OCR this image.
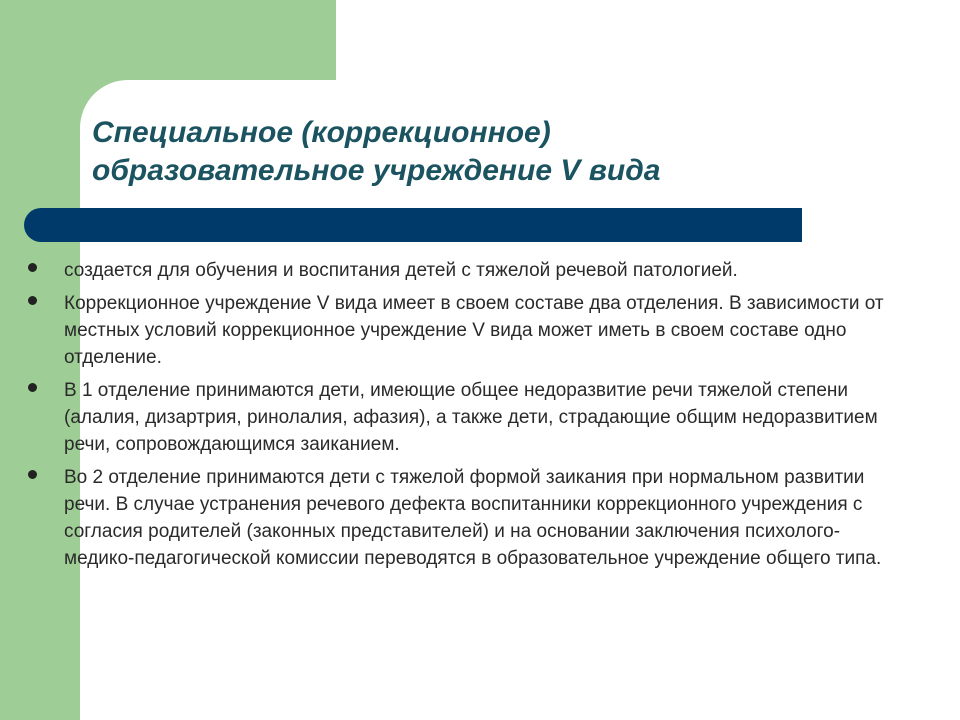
Специальное (коррекционное)
образовательное учреждение V вида
создается для обучения и воспитания детей с тяжелой речевой патологией.
Коррекционное учреждение V вида имеет в своем составе два отделения. В зависимости от местных условий коррекционное учреждение V вида может иметь в своем составе одно отделение.
В 1 отделение принимаются дети, имеющие общее недоразвитие речи тяжелой степени (алалия, дизартрия, ринолалия, афазия), а также дети, страдающие общим недоразвитием речи, сопровождающимся заиканием.
Во 2 отделение принимаются дети с тяжелой формой заикания при нормальном развитии речи. В случае устранения речевого дефекта воспитанники коррекционного учреждения с согласия родителей (законных представителей) и на основании заключения психолого-медико-педагогической комиссии переводятся в образовательное учреждение общего типа.
